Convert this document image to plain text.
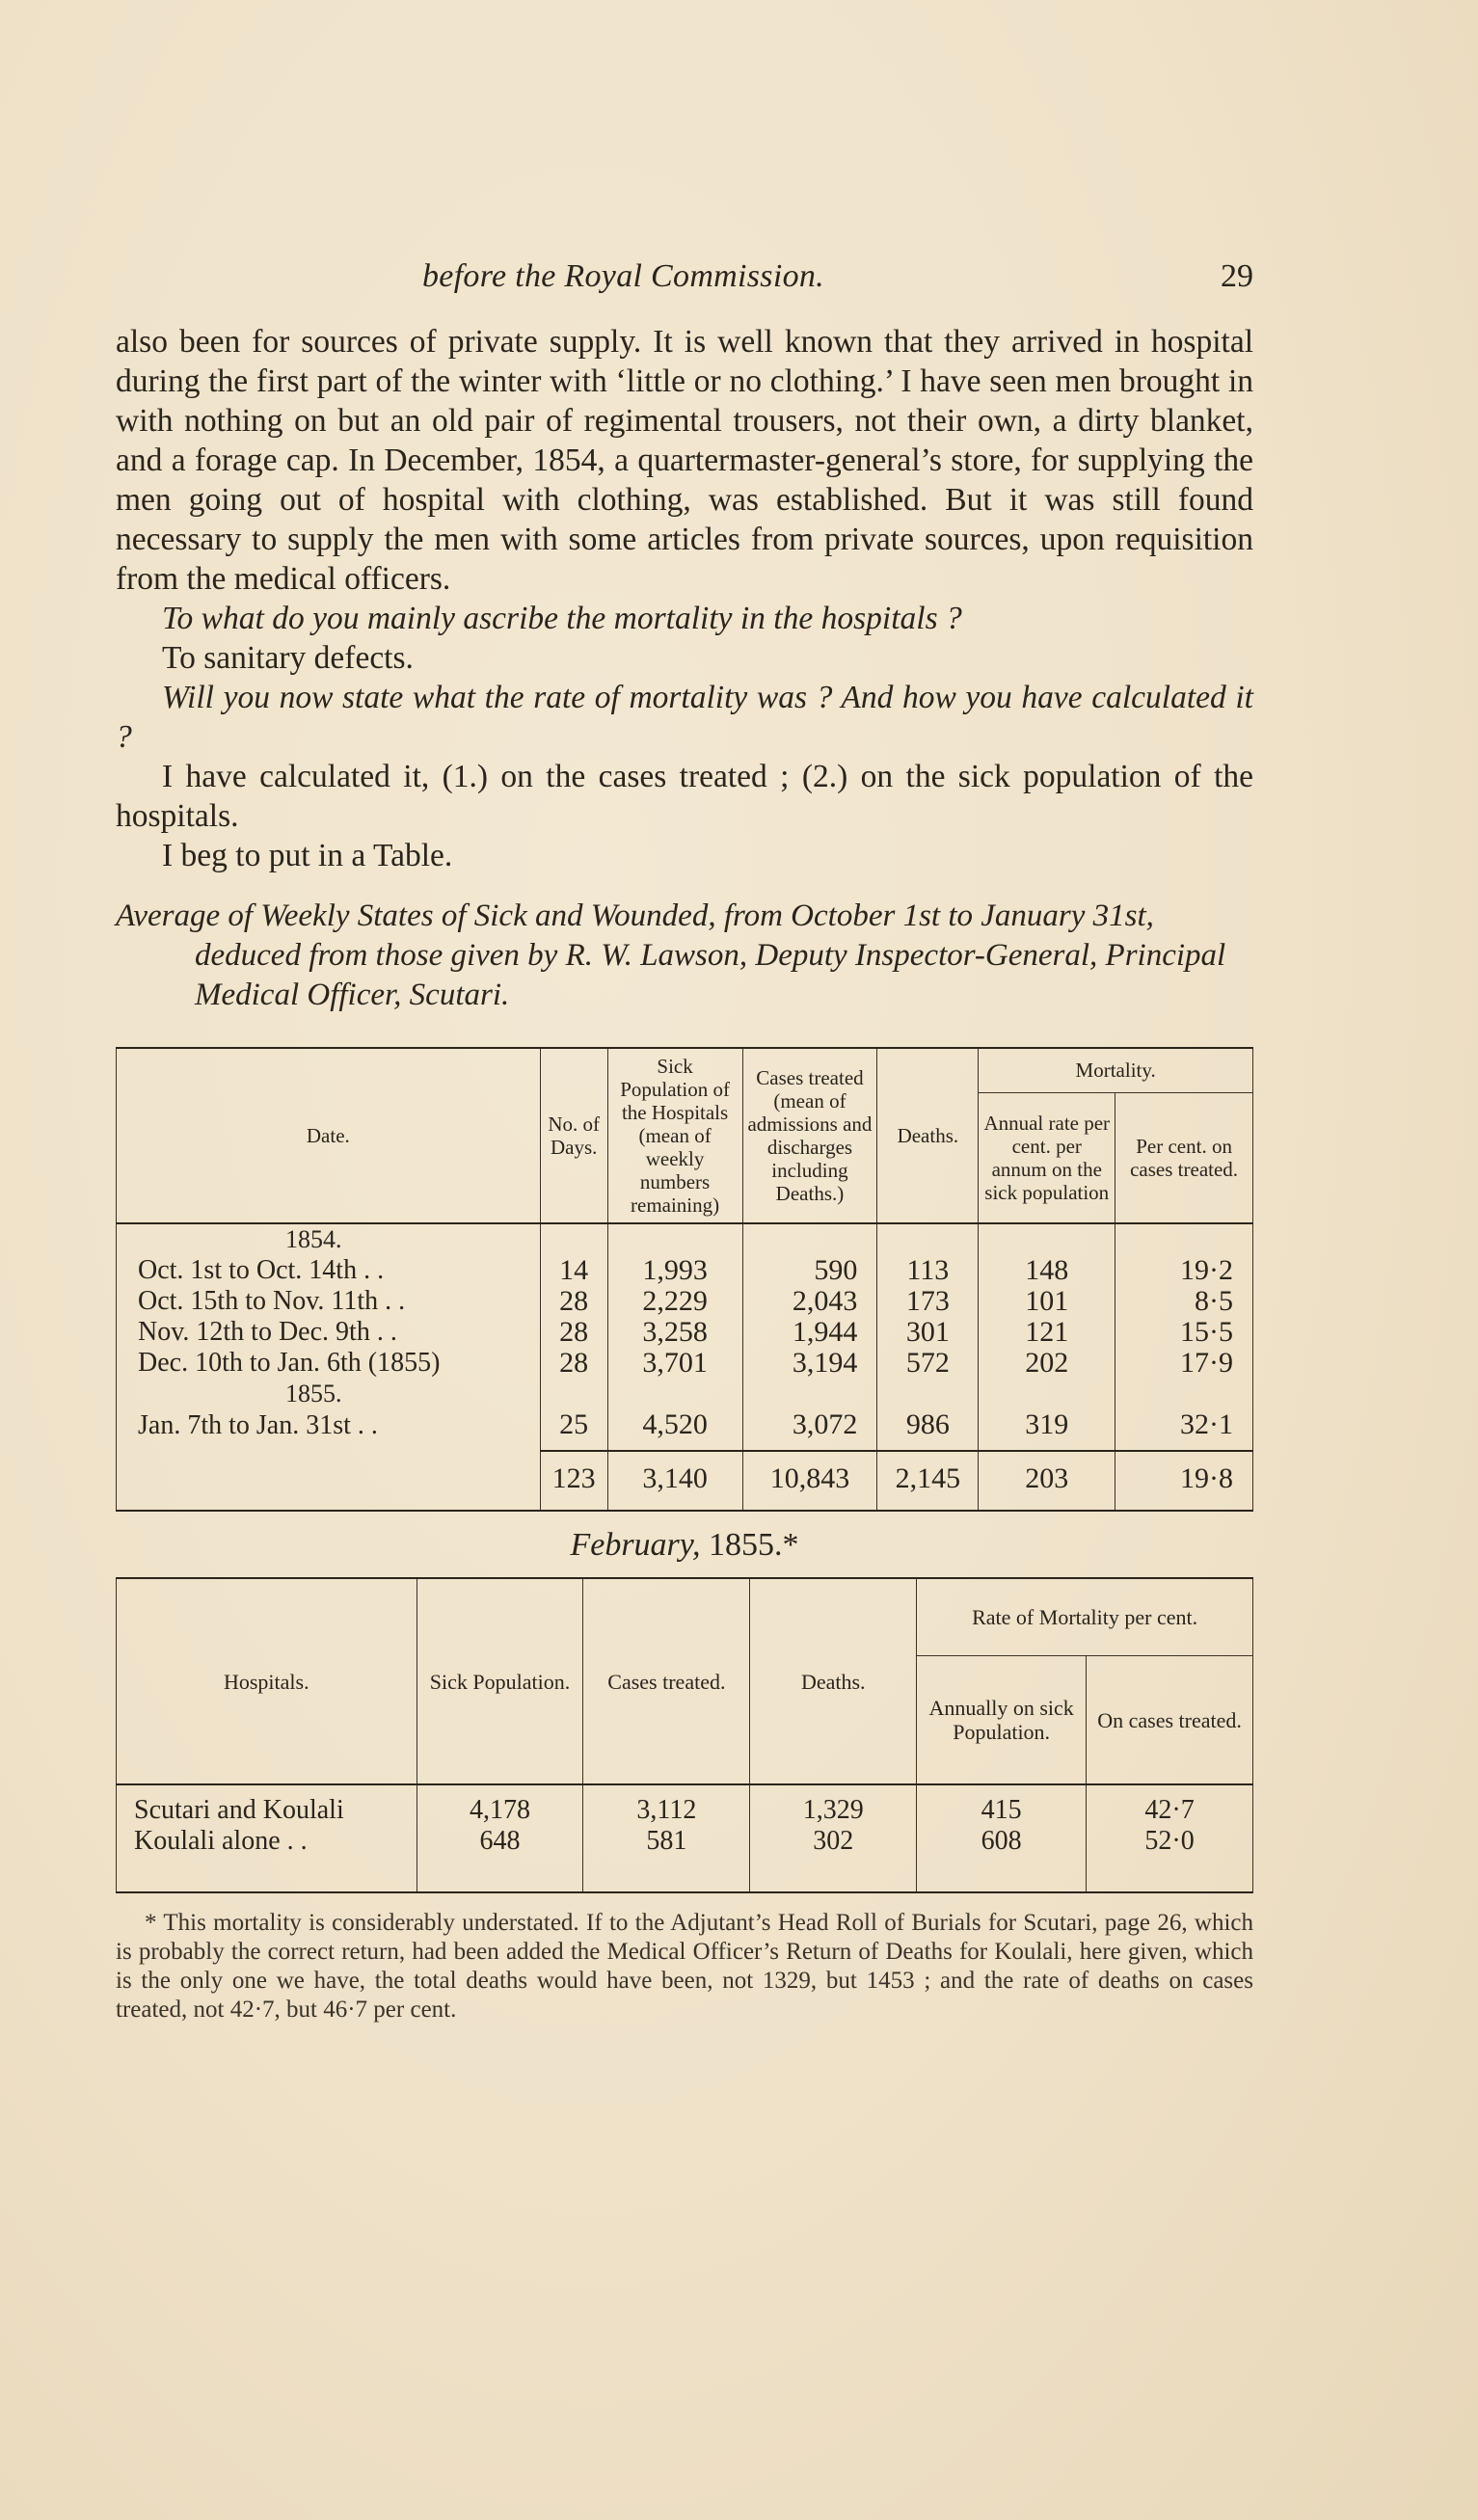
before the Royal Commission.	29

also been for sources of private supply. It is well known that they arrived in hospital during the first part of the winter with ‘little or no clothing.’ I have seen men brought in with nothing on but an old pair of regimental trousers, not their own, a dirty blanket, and a forage cap. In December, 1854, a quartermaster-general’s store, for supplying the men going out of hospital with clothing, was established. But it was still found necessary to supply the men with some articles from private sources, upon requisition from the medical officers.

To what do you mainly ascribe the mortality in the hospitals ?

To sanitary defects.

Will you now state what the rate of mortality was ? And how you have calculated it ?

I have calculated it, (1.) on the cases treated ; (2.) on the sick population of the hospitals.

I beg to put in a Table.

Average of Weekly States of Sick and Wounded, from October 1st to January 31st, deduced from those given by R. W. Lawson, Deputy Inspector-General, Principal Medical Officer, Scutari.

Date.	No. of Days.	Sick Population of the Hospitals (mean of weekly numbers remaining)	Cases treated (mean of admissions and discharges including Deaths.)	Deaths.	Mortality.	
					Annual rate per cent. per annum on the sick population	Per cent. on cases treated.
1854.						
Oct. 1st to Oct. 14th . .	14	1,993	590	113	148	19·2
Oct. 15th to Nov. 11th . .	28	2,229	2,043	173	101	8·5
Nov. 12th to Dec. 9th . .	28	3,258	1,944	301	121	15·5
Dec. 10th to Jan. 6th (1855)	28	3,701	3,194	572	202	17·9
1855.						
Jan. 7th to Jan. 31st . .	25	4,520	3,072	986	319	32·1
	123	3,140	10,843	2,145	203	19·8
February, 1855.*
Hospitals.	Sick Population.	Cases treated.	Deaths.	Rate of Mortality per cent.	
				Annually on sick Population.	On cases treated.
Scutari and Koulali	4,178	3,112	1,329	415	42·7
Koulali alone . .	648	581	302	608	52·0

* This mortality is considerably understated. If to the Adjutant’s Head Roll of Burials for Scutari, page 26, which is probably the correct return, had been added the Medical Officer’s Return of Deaths for Koulali, here given, which is the only one we have, the total deaths would have been, not 1329, but 1453 ; and the rate of deaths on cases treated, not 42·7, but 46·7 per cent.
